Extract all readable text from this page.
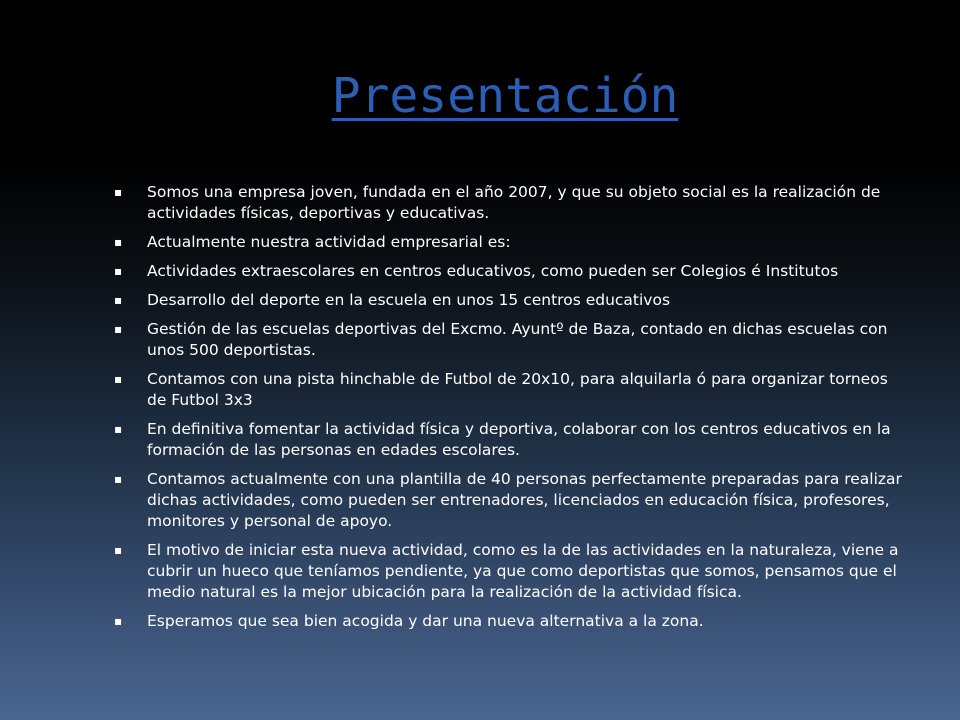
Presentación
▪ Somos una empresa joven, fundada en el año 2007, y que su objeto social es la realización de actividades físicas, deportivas y educativas.
▪ Actualmente nuestra actividad empresarial es:
▪ Actividades extraescolares en centros educativos, como pueden ser Colegios é Institutos
▪ Desarrollo del deporte en la escuela en unos 15 centros educativos
▪ Gestión de las escuelas deportivas del Excmo. Ayuntº de Baza, contado en dichas escuelas con unos 500 deportistas.
▪ Contamos con una pista hinchable de Futbol de 20x10, para alquilarla ó para organizar torneos de Futbol 3x3
▪ En definitiva fomentar la actividad física y deportiva, colaborar con los centros educativos en la formación de las personas en edades escolares.
▪ Contamos actualmente con una plantilla de 40 personas perfectamente preparadas para realizar dichas actividades, como pueden ser entrenadores, licenciados en educación física, profesores, monitores y personal de apoyo.
▪ El motivo de iniciar esta nueva actividad, como es la de las actividades en la naturaleza, viene a cubrir un hueco que teníamos pendiente, ya que como deportistas que somos, pensamos que el medio natural es la mejor ubicación para la realización de la actividad física.
▪ Esperamos que sea bien acogida y dar una nueva alternativa a la zona.
